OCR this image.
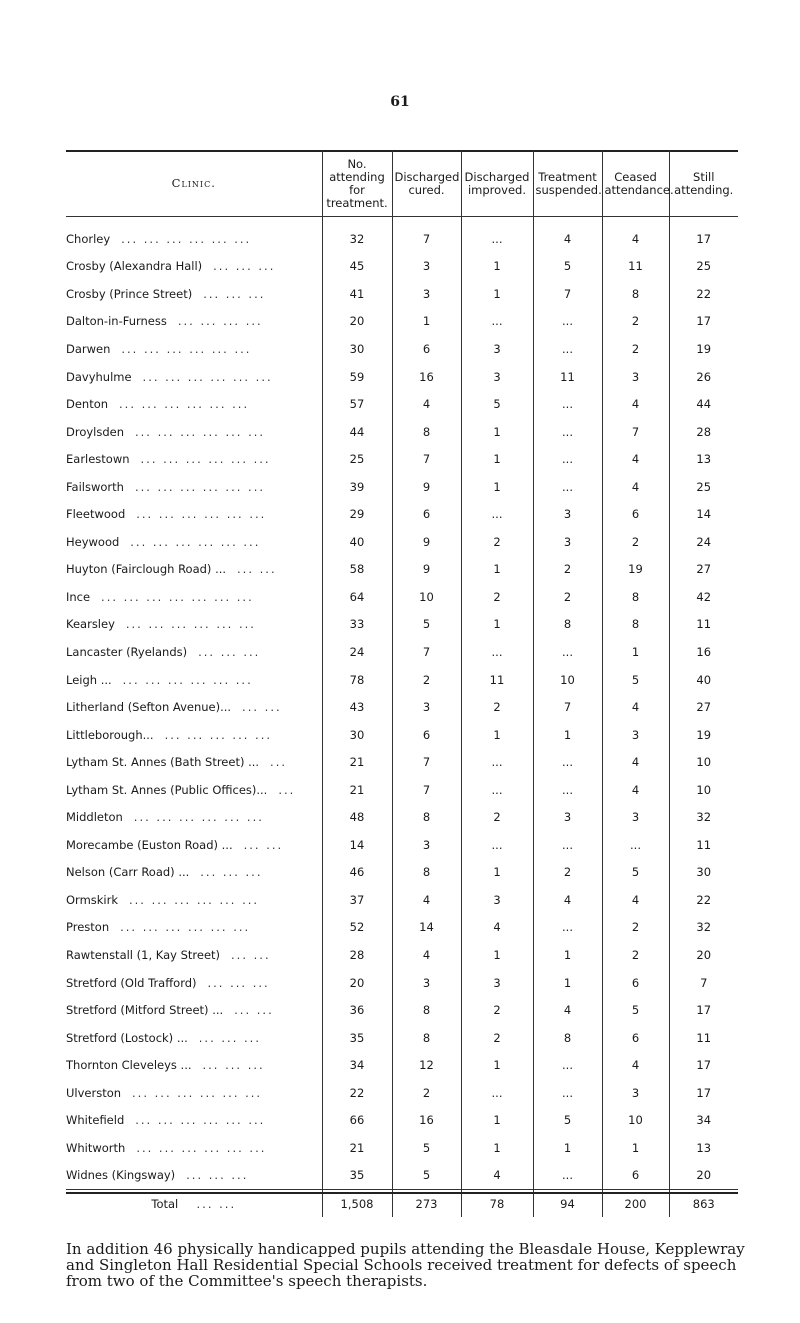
61
Clinic.	No. attending for treatment.	Discharged cured.	Discharged improved.	Treatment suspended.	Ceased attendance.	Still attending.
Chorley ... ... ... ... ... ...	32	7	...	4	4	17
Crosby (Alexandra Hall) ... ... ...	45	3	1	5	11	25
Crosby (Prince Street) ... ... ...	41	3	1	7	8	22
Dalton-in-Furness ... ... ... ...	20	1	...	...	2	17
Darwen ... ... ... ... ... ...	30	6	3	...	2	19
Davyhulme ... ... ... ... ... ...	59	16	3	11	3	26
Denton ... ... ... ... ... ...	57	4	5	...	4	44
Droylsden ... ... ... ... ... ...	44	8	1	...	7	28
Earlestown ... ... ... ... ... ...	25	7	1	...	4	13
Failsworth ... ... ... ... ... ...	39	9	1	...	4	25
Fleetwood ... ... ... ... ... ...	29	6	...	3	6	14
Heywood ... ... ... ... ... ...	40	9	2	3	2	24
Huyton (Fairclough Road) ... ... ...	58	9	1	2	19	27
Ince ... ... ... ... ... ... ...	64	10	2	2	8	42
Kearsley ... ... ... ... ... ...	33	5	1	8	8	11
Lancaster (Ryelands) ... ... ...	24	7	...	...	1	16
Leigh ... ... ... ... ... ... ...	78	2	11	10	5	40
Litherland (Sefton Avenue)... ... ...	43	3	2	7	4	27
Littleborough... ... ... ... ... ...	30	6	1	1	3	19
Lytham St. Annes (Bath Street) ... ...	21	7	...	...	4	10
Lytham St. Annes (Public Offices)... ...	21	7	...	...	4	10
Middleton ... ... ... ... ... ...	48	8	2	3	3	32
Morecambe (Euston Road) ... ... ...	14	3	...	...	...	11
Nelson (Carr Road) ... ... ... ...	46	8	1	2	5	30
Ormskirk ... ... ... ... ... ...	37	4	3	4	4	22
Preston ... ... ... ... ... ...	52	14	4	...	2	32
Rawtenstall (1, Kay Street) ... ...	28	4	1	1	2	20
Stretford (Old Trafford) ... ... ...	20	3	3	1	6	7
Stretford (Mitford Street) ... ... ...	36	8	2	4	5	17
Stretford (Lostock) ... ... ... ...	35	8	2	8	6	11
Thornton Cleveleys ... ... ... ...	34	12	1	...	4	17
Ulverston ... ... ... ... ... ...	22	2	...	...	3	17
Whitefield ... ... ... ... ... ...	66	16	1	5	10	34
Whitworth ... ... ... ... ... ...	21	5	1	1	1	13
Widnes (Kingsway) ... ... ...	35	5	4	...	6	20
Total ... ...	1,508	273	78	94	200	863

In addition 46 physically handicapped pupils attending the Bleasdale House, Kepplewray and Singleton Hall Residential Special Schools received treatment for defects of speech from two of the Committee's speech therapists.
